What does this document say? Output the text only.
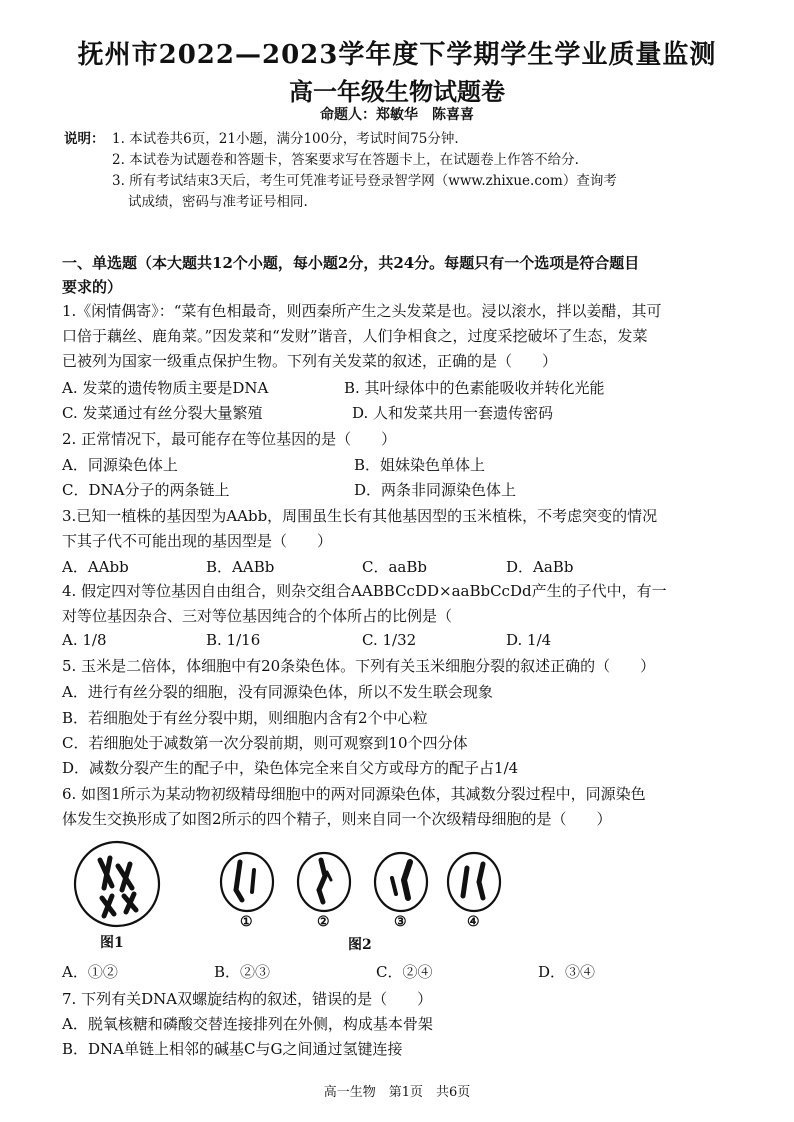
抚州市2022—2023学年度下学期学生学业质量监测
高一年级生物试题卷
命题人：郑敏华　陈喜喜
说明： 1. 本试卷共6页，21小题，满分100分，考试时间75分钟.
2. 本试卷为试题卷和答题卡，答案要求写在答题卡上，在试题卷上作答不给分.
3. 所有考试结束3天后，考生可凭准考证号登录智学网（www.zhixue.com）查询考
试成绩，密码与准考证号相同.
一、单选题（本大题共12个小题，每小题2分，共24分。每题只有一个选项是符合题目
要求的）
1.《闲情偶寄》：“菜有色相最奇，则西秦所产生之头发菜是也。浸以滚水，拌以姜醋，其可
口倍于藕丝、鹿角菜。”因发菜和“发财”谐音，人们争相食之，过度采挖破坏了生态，发菜
已被列为国家一级重点保护生物。下列有关发菜的叙述，正确的是（　　）
A. 发菜的遗传物质主要是DNA	B. 其叶绿体中的色素能吸收并转化光能
C. 发菜通过有丝分裂大量繁殖	D. 人和发菜共用一套遗传密码
2. 正常情况下，最可能存在等位基因的是（　　）
A．同源染色体上	B．姐妹染色单体上
C．DNA分子的两条链上	D．两条非同源染色体上
3.已知一植株的基因型为AAbb，周围虽生长有其他基因型的玉米植株，不考虑突变的情况
下其子代不可能出现的基因型是（　　）
A．AAbb	B．AABb	C．aaBb	D．AaBb
4. 假定四对等位基因自由组合，则杂交组合AABBCcDD×aaBbCcDd产生的子代中，有一
对等位基因杂合、三对等位基因纯合的个体所占的比例是（
A. 1/8	B. 1/16	C. 1/32	D. 1/4
5. 玉米是二倍体，体细胞中有20条染色体。下列有关玉米细胞分裂的叙述正确的（　　）
A．进行有丝分裂的细胞，没有同源染色体，所以不发生联会现象
B．若细胞处于有丝分裂中期，则细胞内含有2个中心粒
C．若细胞处于减数第一次分裂前期，则可观察到10个四分体
D．减数分裂产生的配子中，染色体完全来自父方或母方的配子占1/4
6. 如图1所示为某动物初级精母细胞中的两对同源染色体，其减数分裂过程中，同源染色
体发生交换形成了如图2所示的四个精子，则来自同一个次级精母细胞的是（　　）
图1
①	②	③	④
图2
A．①②	B．②③	C．②④	D．③④
7. 下列有关DNA双螺旋结构的叙述，错误的是（　　）
A．脱氧核糖和磷酸交替连接排列在外侧，构成基本骨架
B．DNA单链上相邻的碱基C与G之间通过氢键连接
高一生物　第1页　共6页
